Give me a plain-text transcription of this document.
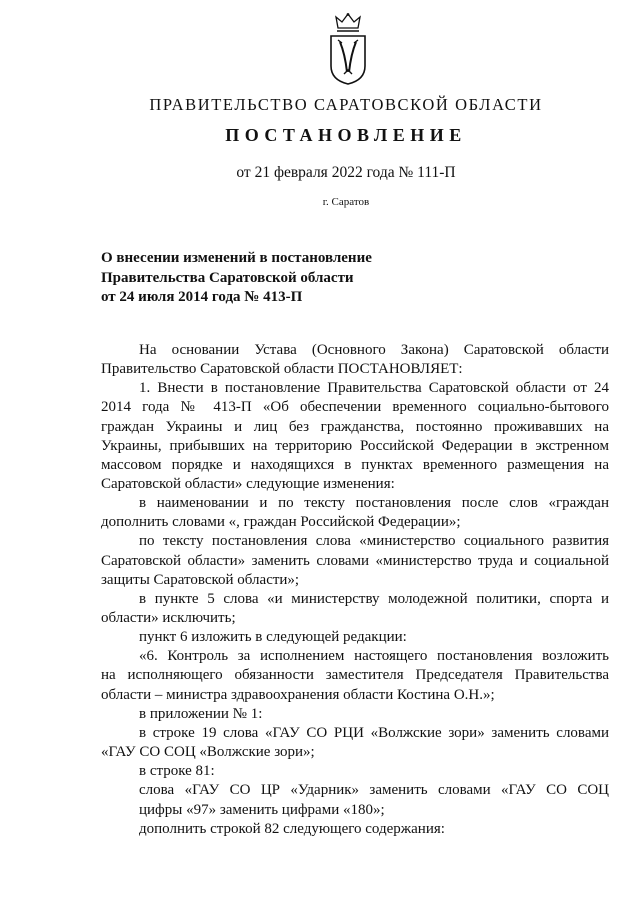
ПРАВИТЕЛЬСТВО САРАТОВСКОЙ ОБЛАСТИ
ПОСТАНОВЛЕНИЕ
от 21 февраля 2022 года № 111-П
г. Саратов
О внесении изменений в постановление
Правительства Саратовской области
от 24 июля 2014 года № 413-П
На основании Устава (Основного Закона) Саратовской области
Правительство Саратовской области ПОСТАНОВЛЯЕТ:
1. Внести в постановление Правительства Саратовской области от 24
2014 года № 413-П «Об обеспечении временного социально-бытового
граждан Украины и лиц без гражданства, постоянно проживавших на
Украины, прибывших на территорию Российской Федерации в экстренном
массовом порядке и находящихся в пунктах временного размещения на
Саратовской области» следующие изменения:
в наименовании и по тексту постановления после слов «граждан
дополнить словами «, граждан Российской Федерации»;
по тексту постановления слова «министерство социального развития
Саратовской области» заменить словами «министерство труда и социальной
защиты Саратовской области»;
в пункте 5 слова «и министерству молодежной политики, спорта и
области» исключить;
пункт 6 изложить в следующей редакции:
«6. Контроль за исполнением настоящего постановления возложить
на исполняющего обязанности заместителя Председателя Правительства
области – министра здравоохранения области Костина О.Н.»;
в приложении № 1:
в строке 19 слова «ГАУ СО РЦИ «Волжские зори» заменить словами
«ГАУ СО СОЦ «Волжские зори»;
в строке 81:
слова «ГАУ СО ЦР «Ударник» заменить словами «ГАУ СО СОЦ
цифры «97» заменить цифрами «180»;
дополнить строкой 82 следующего содержания:
